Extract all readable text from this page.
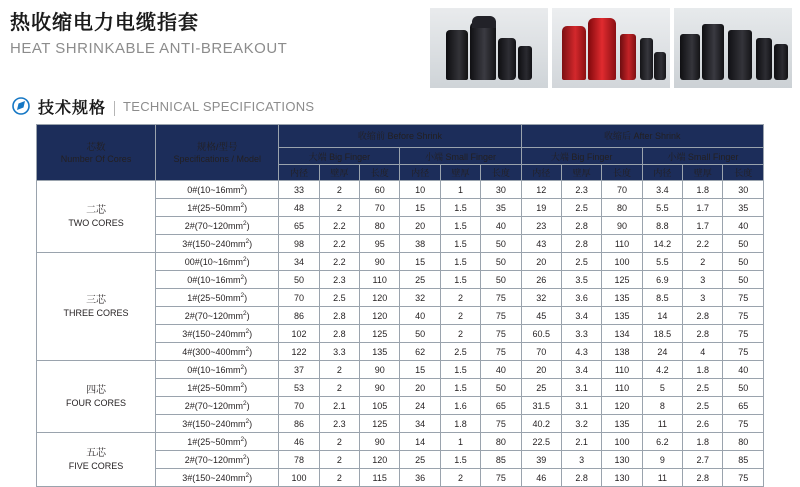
热收缩电力电缆指套
HEAT SHRINKABLE ANTI-BREAKOUT
技术规格 TECHNICAL SPECIFICATIONS
芯数
Number Of Cores	规格/型号
Specifications / Model	收缩前 Before Shrink						收缩后 After Shrink					
		大端 Big Finger			小端 Small Finger			大端 Big Finger			小端 Small Finger		
		内径	壁厚	长度	内径	壁厚	长度	内径	壁厚	长度	内径	壁厚	长度

二芯
TWO CORES	$0\#(10\sim 16mm^2)$	33	2	60	10	1	30	12	2.3	70	3.4	1.8	30
	$1\#(25\sim 50mm^2)$	48	2	70	15	1.5	35	19	2.5	80	5.5	1.7	35
	$2\#(70\sim 120mm^2)$	65	2.2	80	20	1.5	40	23	2.8	90	8.8	1.7	40
	$3\#(150\sim 240mm^2)$	98	2.2	95	38	1.5	50	43	2.8	110	14.2	2.2	50

三芯
THREE CORES	$00\#(10\sim 16mm^2)$	34	2.2	90	15	1.5	50	20	2.5	100	5.5	2	50
	$0\#(10\sim 16mm^2)$	50	2.3	110	25	1.5	50	26	3.5	125	6.9	3	50
	$1\#(25\sim 50mm^2)$	70	2.5	120	32	2	75	32	3.6	135	8.5	3	75
	$2\#(70\sim 120mm^2)$	86	2.8	120	40	2	75	45	3.4	135	14	2.8	75
	$3\#(150\sim 240mm^2)$	102	2.8	125	50	2	75	60.5	3.3	134	18.5	2.8	75
	$4\#(300\sim 400mm^2)$	122	3.3	135	62	2.5	75	70	4.3	138	24	4	75

四芯
FOUR CORES	$0\#(10\sim 16mm^2)$	37	2	90	15	1.5	40	20	3.4	110	4.2	1.8	40
	$1\#(25\sim 50mm^2)$	53	2	90	20	1.5	50	25	3.1	110	5	2.5	50
	$2\#(70\sim 120mm^2)$	70	2.1	105	24	1.6	65	31.5	3.1	120	8	2.5	65
	$3\#(150\sim 240mm^2)$	86	2.3	125	34	1.8	75	40.2	3.2	135	11	2.6	75

五芯
FIVE CORES	$1\#(25\sim 50mm^2)$	46	2	90	14	1	80	22.5	2.1	100	6.2	1.8	80
	$2\#(70\sim 120mm^2)$	78	2	120	25	1.5	85	39	3	130	9	2.7	85
	$3\#(150\sim 240mm^2)$	100	2	115	36	2	75	46	2.8	130	11	2.8	75
